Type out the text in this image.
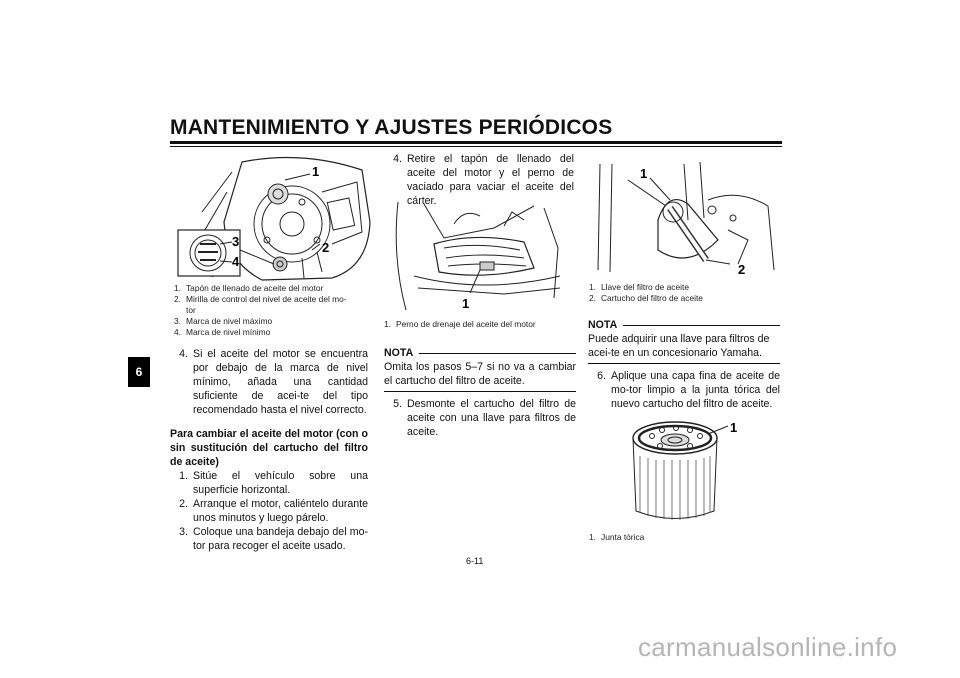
MANTENIMIENTO Y AJUSTES PERIÓDICOS
6
1
2
3
4
1. Tapón de llenado de aceite del motor
2. Mirilla de control del nivel de aceite del mo-
tor
3. Marca de nivel máximo
4. Marca de nivel mínimo
4. Si el aceite del motor se encuentra por debajo de la marca de nivel mínimo, añada una cantidad suficiente de acei-te del tipo recomendado hasta el nivel correcto.

Para cambiar el aceite del motor (con o sin sustitución del cartucho del filtro de aceite)

1. Sitúe el vehículo sobre una superficie horizontal.
2. Arranque el motor, caliéntelo durante unos minutos y luego párelo.
3. Coloque una bandeja debajo del mo-tor para recoger el aceite usado.
4. Retire el tapón de llenado del aceite del motor y el perno de vaciado para vaciar el aceite del cárter.
1
1. Perno de drenaje del aceite del motor
NOTA

Omita los pasos 5–7 si no va a cambiar el cartucho del filtro de aceite.

5. Desmonte el cartucho del filtro de aceite con una llave para filtros de aceite.
1
2
1. Llave del filtro de aceite
2. Cartucho del filtro de aceite
NOTA

Puede adquirir una llave para filtros de acei-te en un concesionario Yamaha.

6. Aplique una capa fina de aceite de mo-tor limpio a la junta tórica del nuevo cartucho del filtro de aceite.
1
1. Junta tórica
6-11
carmanualsonline.info
